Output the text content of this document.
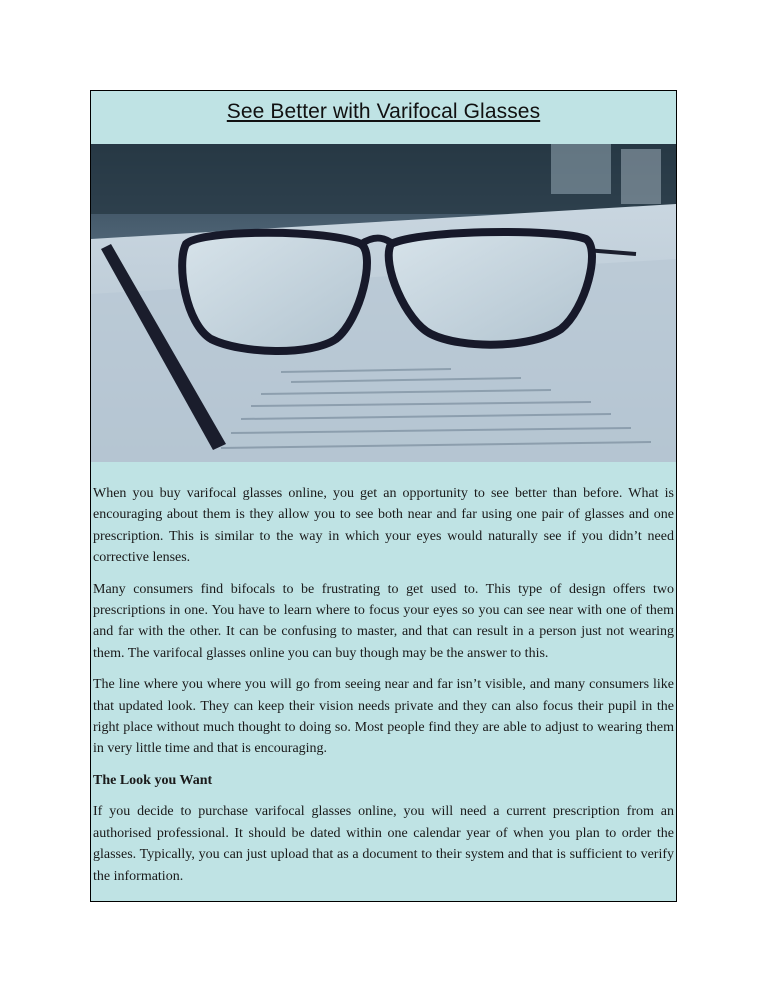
See Better with Varifocal Glasses

When you buy varifocal glasses online, you get an opportunity to see better than before. What is encouraging about them is they allow you to see both near and far using one pair of glasses and one prescription. This is similar to the way in which your eyes would naturally see if you didn’t need corrective lenses.

Many consumers find bifocals to be frustrating to get used to. This type of design offers two prescriptions in one. You have to learn where to focus your eyes so you can see near with one of them and far with the other. It can be confusing to master, and that can result in a person just not wearing them. The varifocal glasses online you can buy though may be the answer to this.

The line where you where you will go from seeing near and far isn’t visible, and many consumers like that updated look. They can keep their vision needs private and they can also focus their pupil in the right place without much thought to doing so. Most people find they are able to adjust to wearing them in very little time and that is encouraging.

The Look you Want

If you decide to purchase varifocal glasses online, you will need a current prescription from an authorised professional. It should be dated within one calendar year of when you plan to order the glasses. Typically, you can just upload that as a document to their system and that is sufficient to verify the information.
